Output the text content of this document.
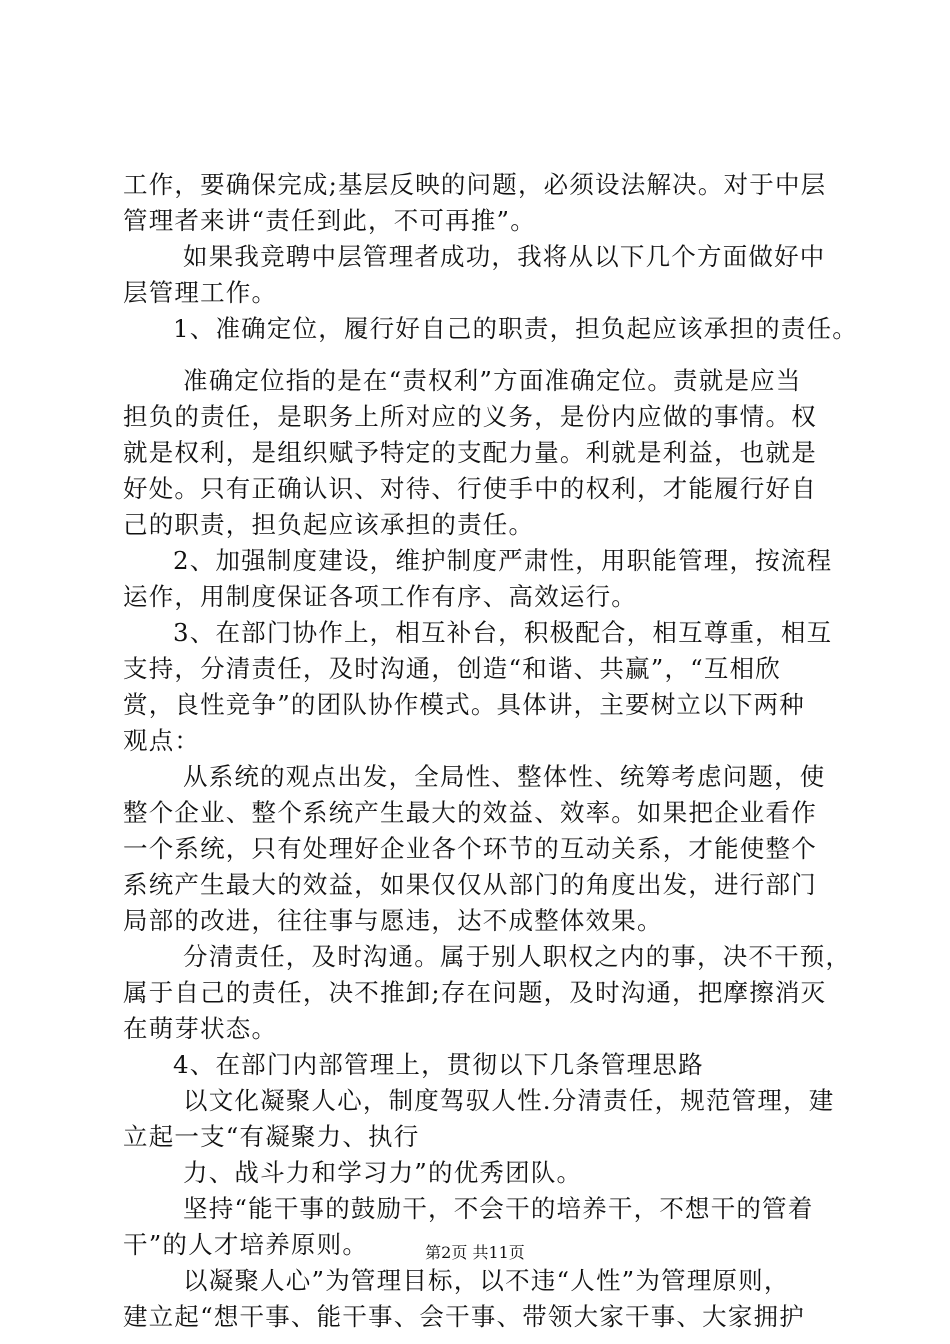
工作，要确保完成;基层反映的问题，必须设法解决。对于中层
管理者来讲“责任到此，不可再推”。
如果我竞聘中层管理者成功，我将从以下几个方面做好中
层管理工作。
1、准确定位，履行好自己的职责，担负起应该承担的责任。
准确定位指的是在“责权利”方面准确定位。责就是应当
担负的责任，是职务上所对应的义务，是份内应做的事情。权
就是权利，是组织赋予特定的支配力量。利就是利益，也就是
好处。只有正确认识、对待、行使手中的权利，才能履行好自
己的职责，担负起应该承担的责任。
2、加强制度建设，维护制度严肃性，用职能管理，按流程
运作，用制度保证各项工作有序、高效运行。
3、在部门协作上，相互补台，积极配合，相互尊重，相互
支持，分清责任，及时沟通，创造“和谐、共赢”，“互相欣
赏，良性竞争”的团队协作模式。具体讲，主要树立以下两种
观点：
从系统的观点出发，全局性、整体性、统筹考虑问题，使
整个企业、整个系统产生最大的效益、效率。如果把企业看作
一个系统，只有处理好企业各个环节的互动关系，才能使整个
系统产生最大的效益，如果仅仅从部门的角度出发，进行部门
局部的改进，往往事与愿违，达不成整体效果。
分清责任，及时沟通。属于别人职权之内的事，决不干预，
属于自己的责任，决不推卸;存在问题，及时沟通，把摩擦消灭
在萌芽状态。
4、在部门内部管理上，贯彻以下几条管理思路
以文化凝聚人心，制度驾驭人性.分清责任，规范管理，建
立起一支“有凝聚力、执行
力、战斗力和学习力”的优秀团队。
坚持“能干事的鼓励干，不会干的培养干，不想干的管着
干”的人才培养原则。
以凝聚人心”为管理目标，以不违“人性”为管理原则，
建立起“想干事、能干事、会干事、带领大家干事、大家拥护
第2页 共11页
